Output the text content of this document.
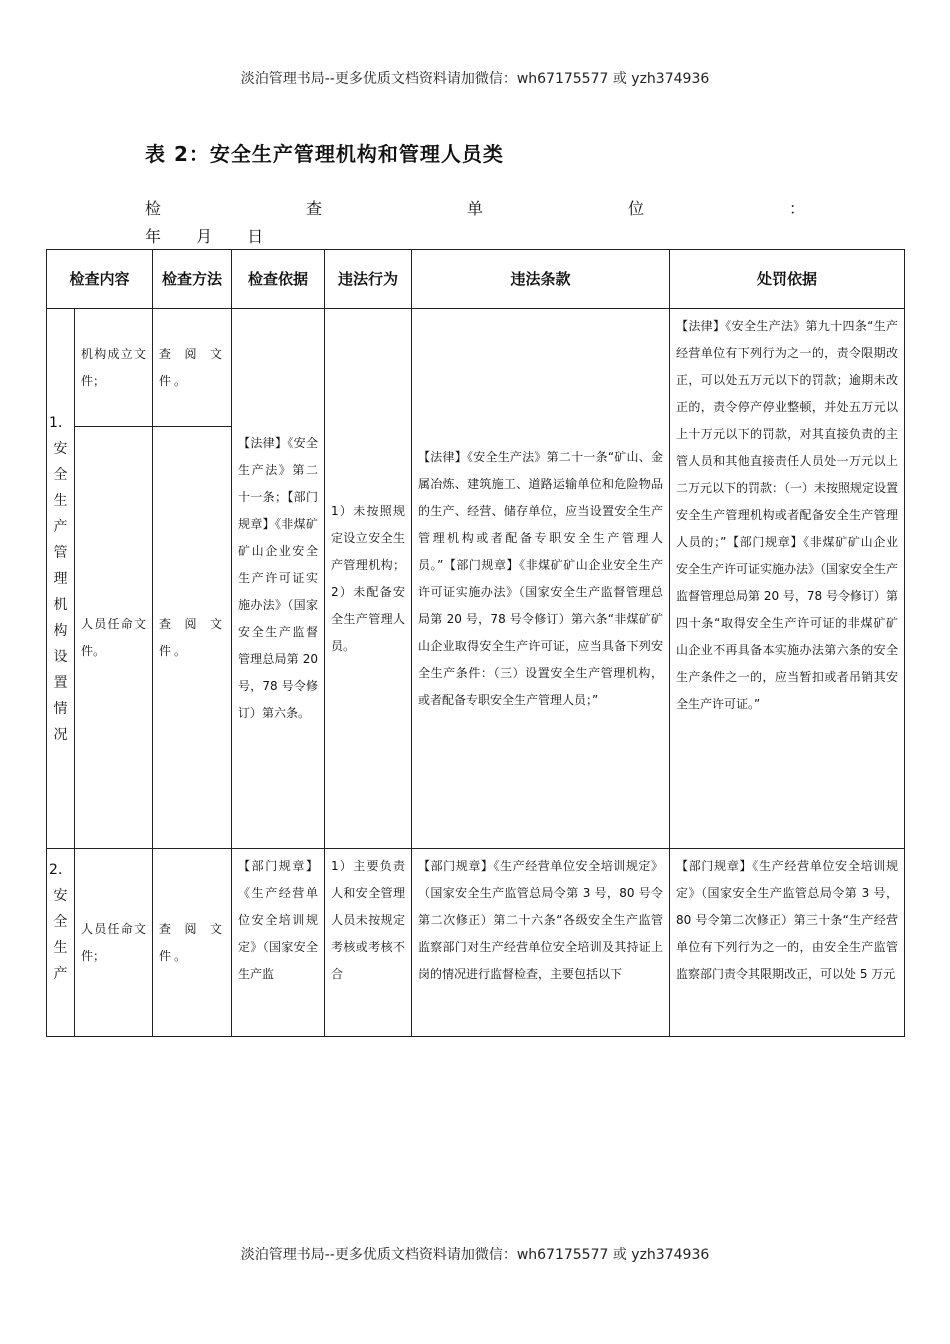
淡泊管理书局--更多优质文档资料请加微信：wh67175577 或 yzh374936
表 2：安全生产管理机构和管理人员类
检	查	单	位	：
年 月 日
检查内容		检查方法	检查依据	违法行为	违法条款	处罚依据
1．安全生产管理机构设置情况	机构成立文件；	查阅文件。	【法律】《安全生产法》第二十一条；【部门规章】《非煤矿矿山企业安全生产许可证实施办法》（国家安全生产监督管理总局第 20 号，78 号令修订）第六条。	1）未按照规定设立安全生产管理机构；2）未配备安全生产管理人员。	【法律】《安全生产法》第二十一条“矿山、金属冶炼、建筑施工、道路运输单位和危险物品的生产、经营、储存单位，应当设置安全生产管理机构或者配备专职安全生产管理人员。”【部门规章】《非煤矿矿山企业安全生产许可证实施办法》（国家安全生产监督管理总局第 20 号，78 号令修订）第六条“非煤矿矿山企业取得安全生产许可证，应当具备下列安全生产条件：（三）设置安全生产管理机构，或者配备专职安全生产管理人员；”	【法律】《安全生产法》第九十四条“生产经营单位有下列行为之一的，责令限期改正，可以处五万元以下的罚款；逾期未改正的，责令停产停业整顿，并处五万元以上十万元以下的罚款，对其直接负责的主管人员和其他直接责任人员处一万元以上二万元以下的罚款：（一）未按照规定设置安全生产管理机构或者配备安全生产管理人员的；”【部门规章】《非煤矿矿山企业安全生产许可证实施办法》（国家安全生产监督管理总局第 20 号，78 号令修订）第四十条“取得安全生产许可证的非煤矿矿山企业不再具备本实施办法第六条的安全生产条件之一的，应当暂扣或者吊销其安全生产许可证。”
	人员任命文件。	查阅文件。				
2．安全生产	人员任命文件；	查阅文件。	【部门规章】《生产经营单位安全培训规定》（国家安全生产监	1）主要负责人和安全管理人员未按规定考核或考核不合	【部门规章】《生产经营单位安全培训规定》（国家安全生产监管总局令第 3 号，80 号令第二次修正）第二十六条“各级安全生产监管监察部门对生产经营单位安全培训及其持证上岗的情况进行监督检查，主要包括以下	【部门规章】《生产经营单位安全培训规定》（国家安全生产监管总局令第 3 号，80 号令第二次修正）第三十条“生产经营单位有下列行为之一的，由安全生产监管监察部门责令其限期改正，可以处 5 万元
淡泊管理书局--更多优质文档资料请加微信：wh67175577 或 yzh374936
